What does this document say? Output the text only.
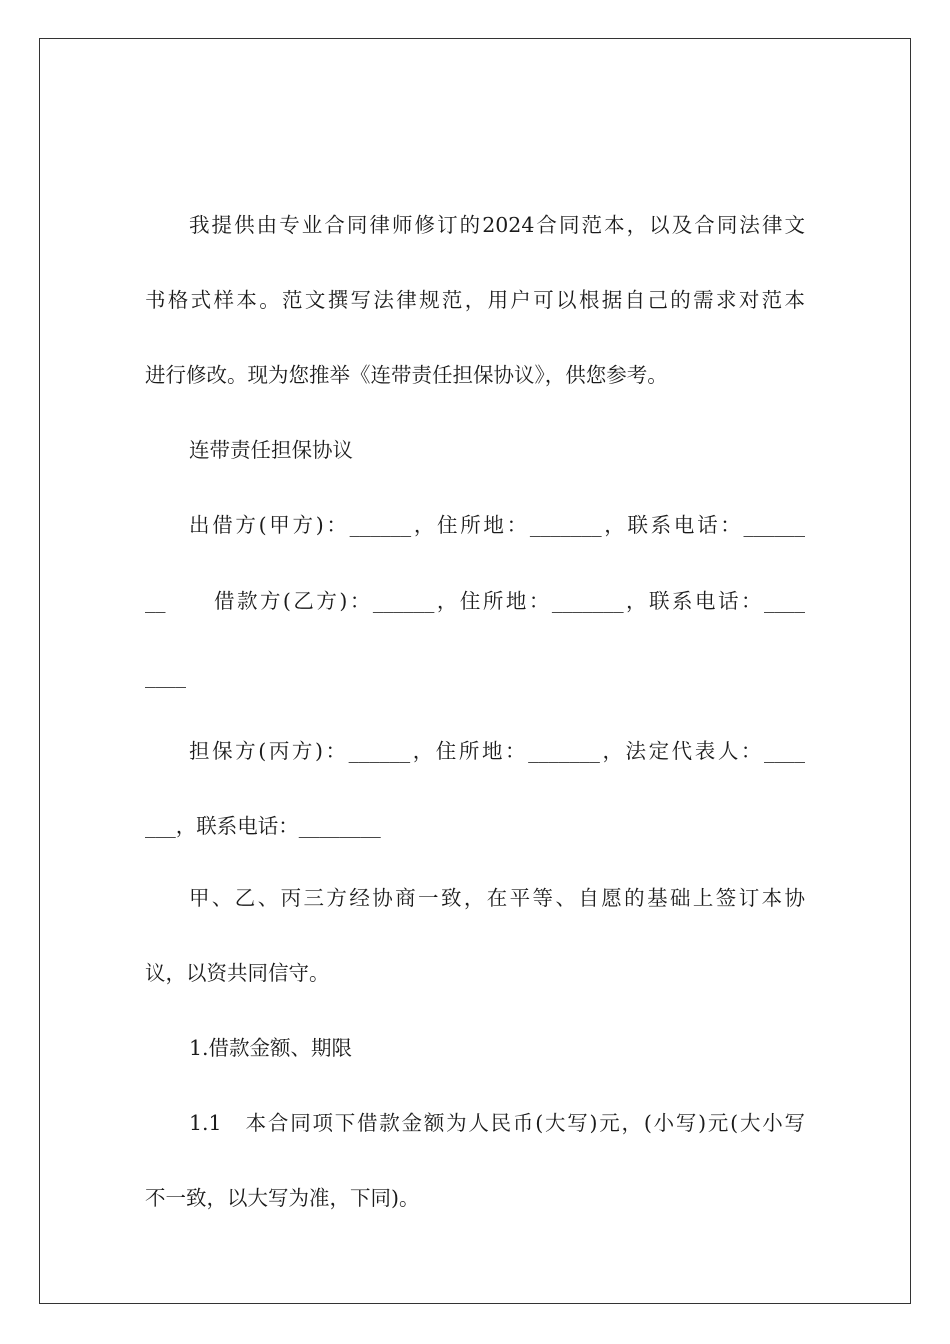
我提供由专业合同律师修订的2024合同范本，以及合同法律文
书格式样本。范文撰写法律规范，用户可以根据自己的需求对范本
进行修改。现为您推举《连带责任担保协议》，供您参考。
连带责任担保协议
出借方(甲方)：______，住所地：_______，联系电话：______
__　　借款方(乙方)：______，住所地：_______，联系电话：____
____
担保方(丙方)：______，住所地：_______，法定代表人：____
___，联系电话：________
甲、乙、丙三方经协商一致，在平等、自愿的基础上签订本协
议，以资共同信守。
1.借款金额、期限
1.1　本合同项下借款金额为人民币(大写)元，(小写)元(大小写
不一致，以大写为准，下同)。
